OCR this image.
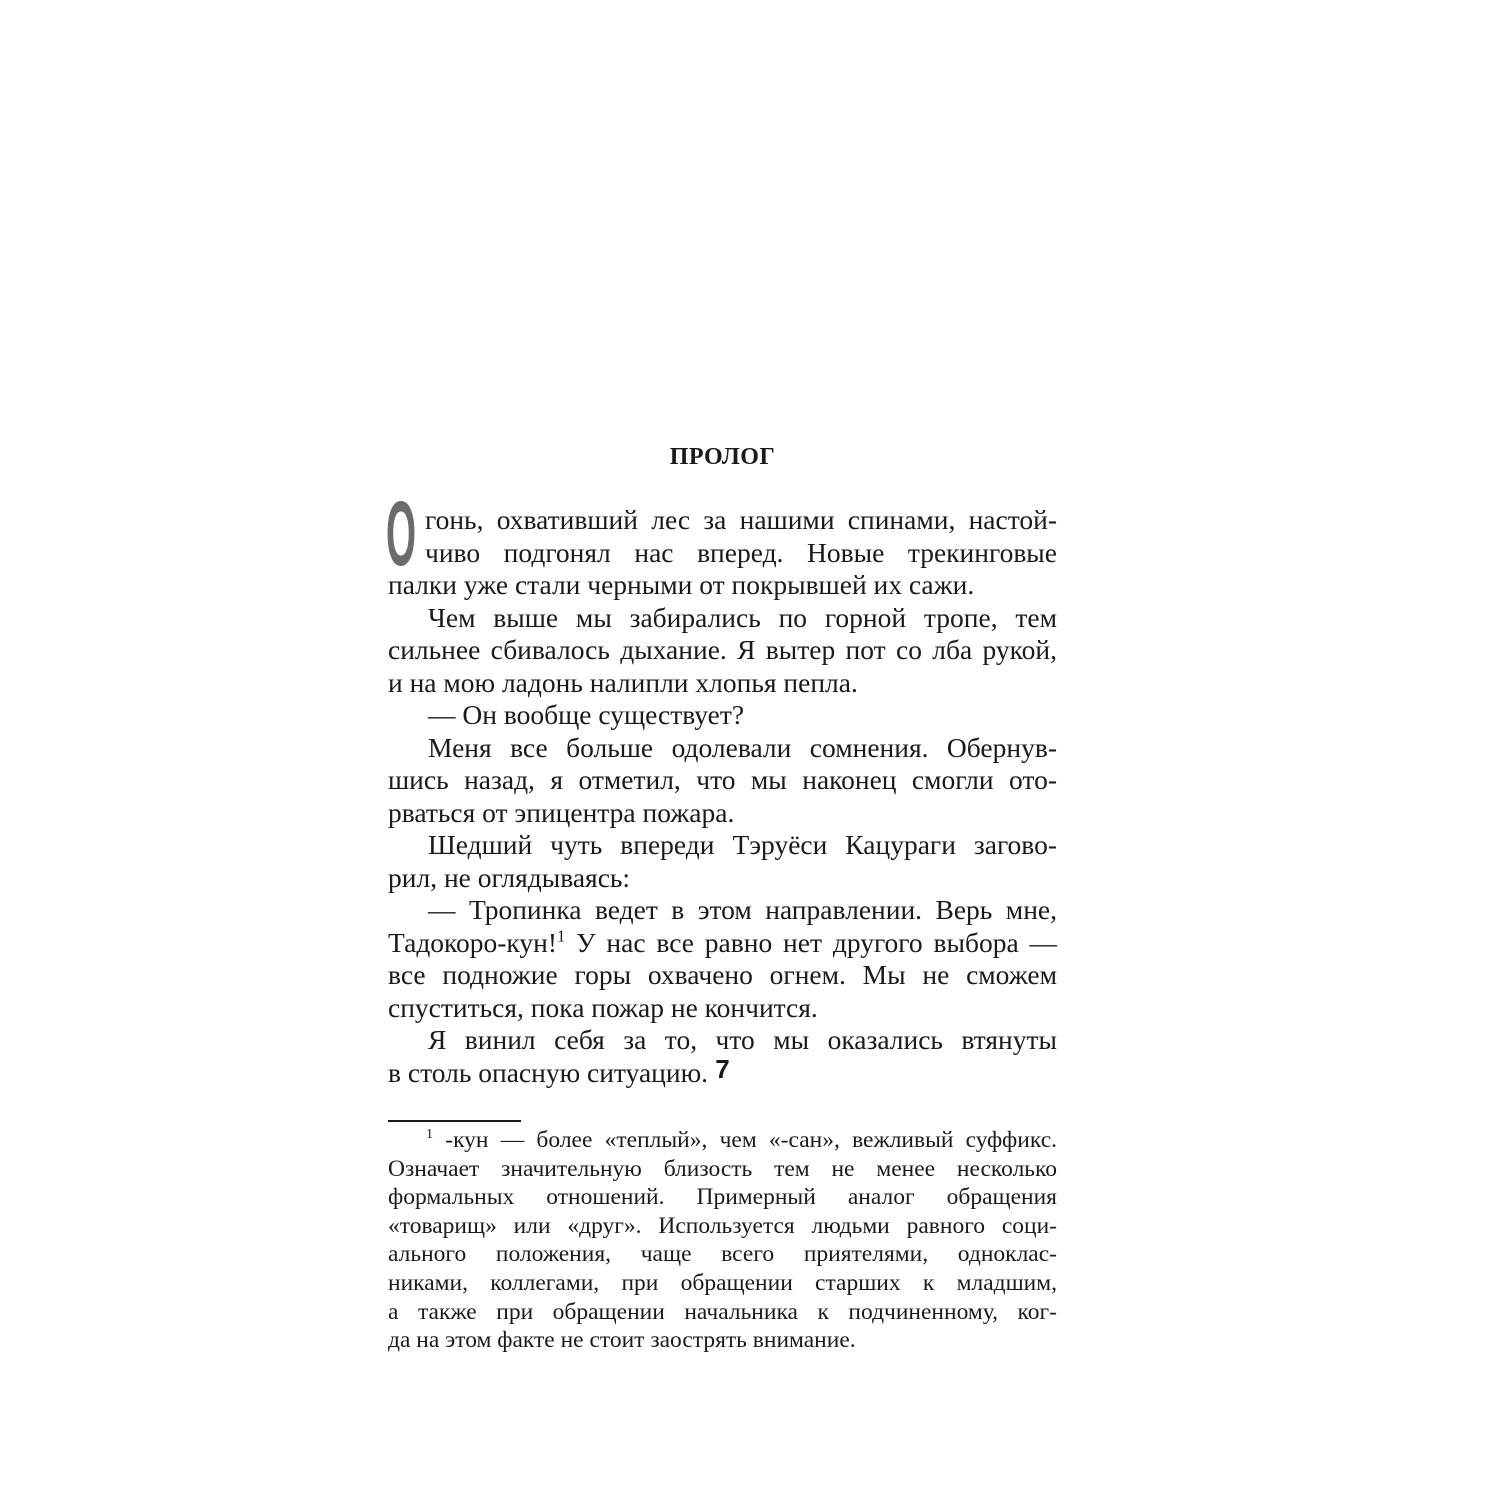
ПРОЛОГ
О гонь, охвативший лес за нашими спинами, настой-
чиво подгонял нас вперед. Новые трекинговые
палки уже стали черными от покрывшей их сажи.
Чем выше мы забирались по горной тропе, тем
сильнее сбивалось дыхание. Я вытер пот со лба рукой,
и на мою ладонь налипли хлопья пепла.
— Он вообще существует?
Меня все больше одолевали сомнения. Обернув-
шись назад, я отметил, что мы наконец смогли ото-
рваться от эпицентра пожара.
Шедший чуть впереди Тэруёси Кацураги загово-
рил, не оглядываясь:
— Тропинка ведет в этом направлении. Верь мне,
Тадокоро-кун!$^1$ У нас все равно нет другого выбора —
все подножие горы охвачено огнем. Мы не сможем
спуститься, пока пожар не кончится.
Я винил себя за то, что мы оказались втянуты
в столь опасную ситуацию.
$^1$ -кун — более «теплый», чем «-сан», вежливый суффикс.
Означает значительную близость тем не менее несколько
формальных отношений. Примерный аналог обращения
«товарищ» или «друг». Используется людьми равного соци-
ального положения, чаще всего приятелями, одноклас-
никами, коллегами, при обращении старших к младшим,
а также при обращении начальника к подчиненному, ког-
да на этом факте не стоит заострять внимание.
7
